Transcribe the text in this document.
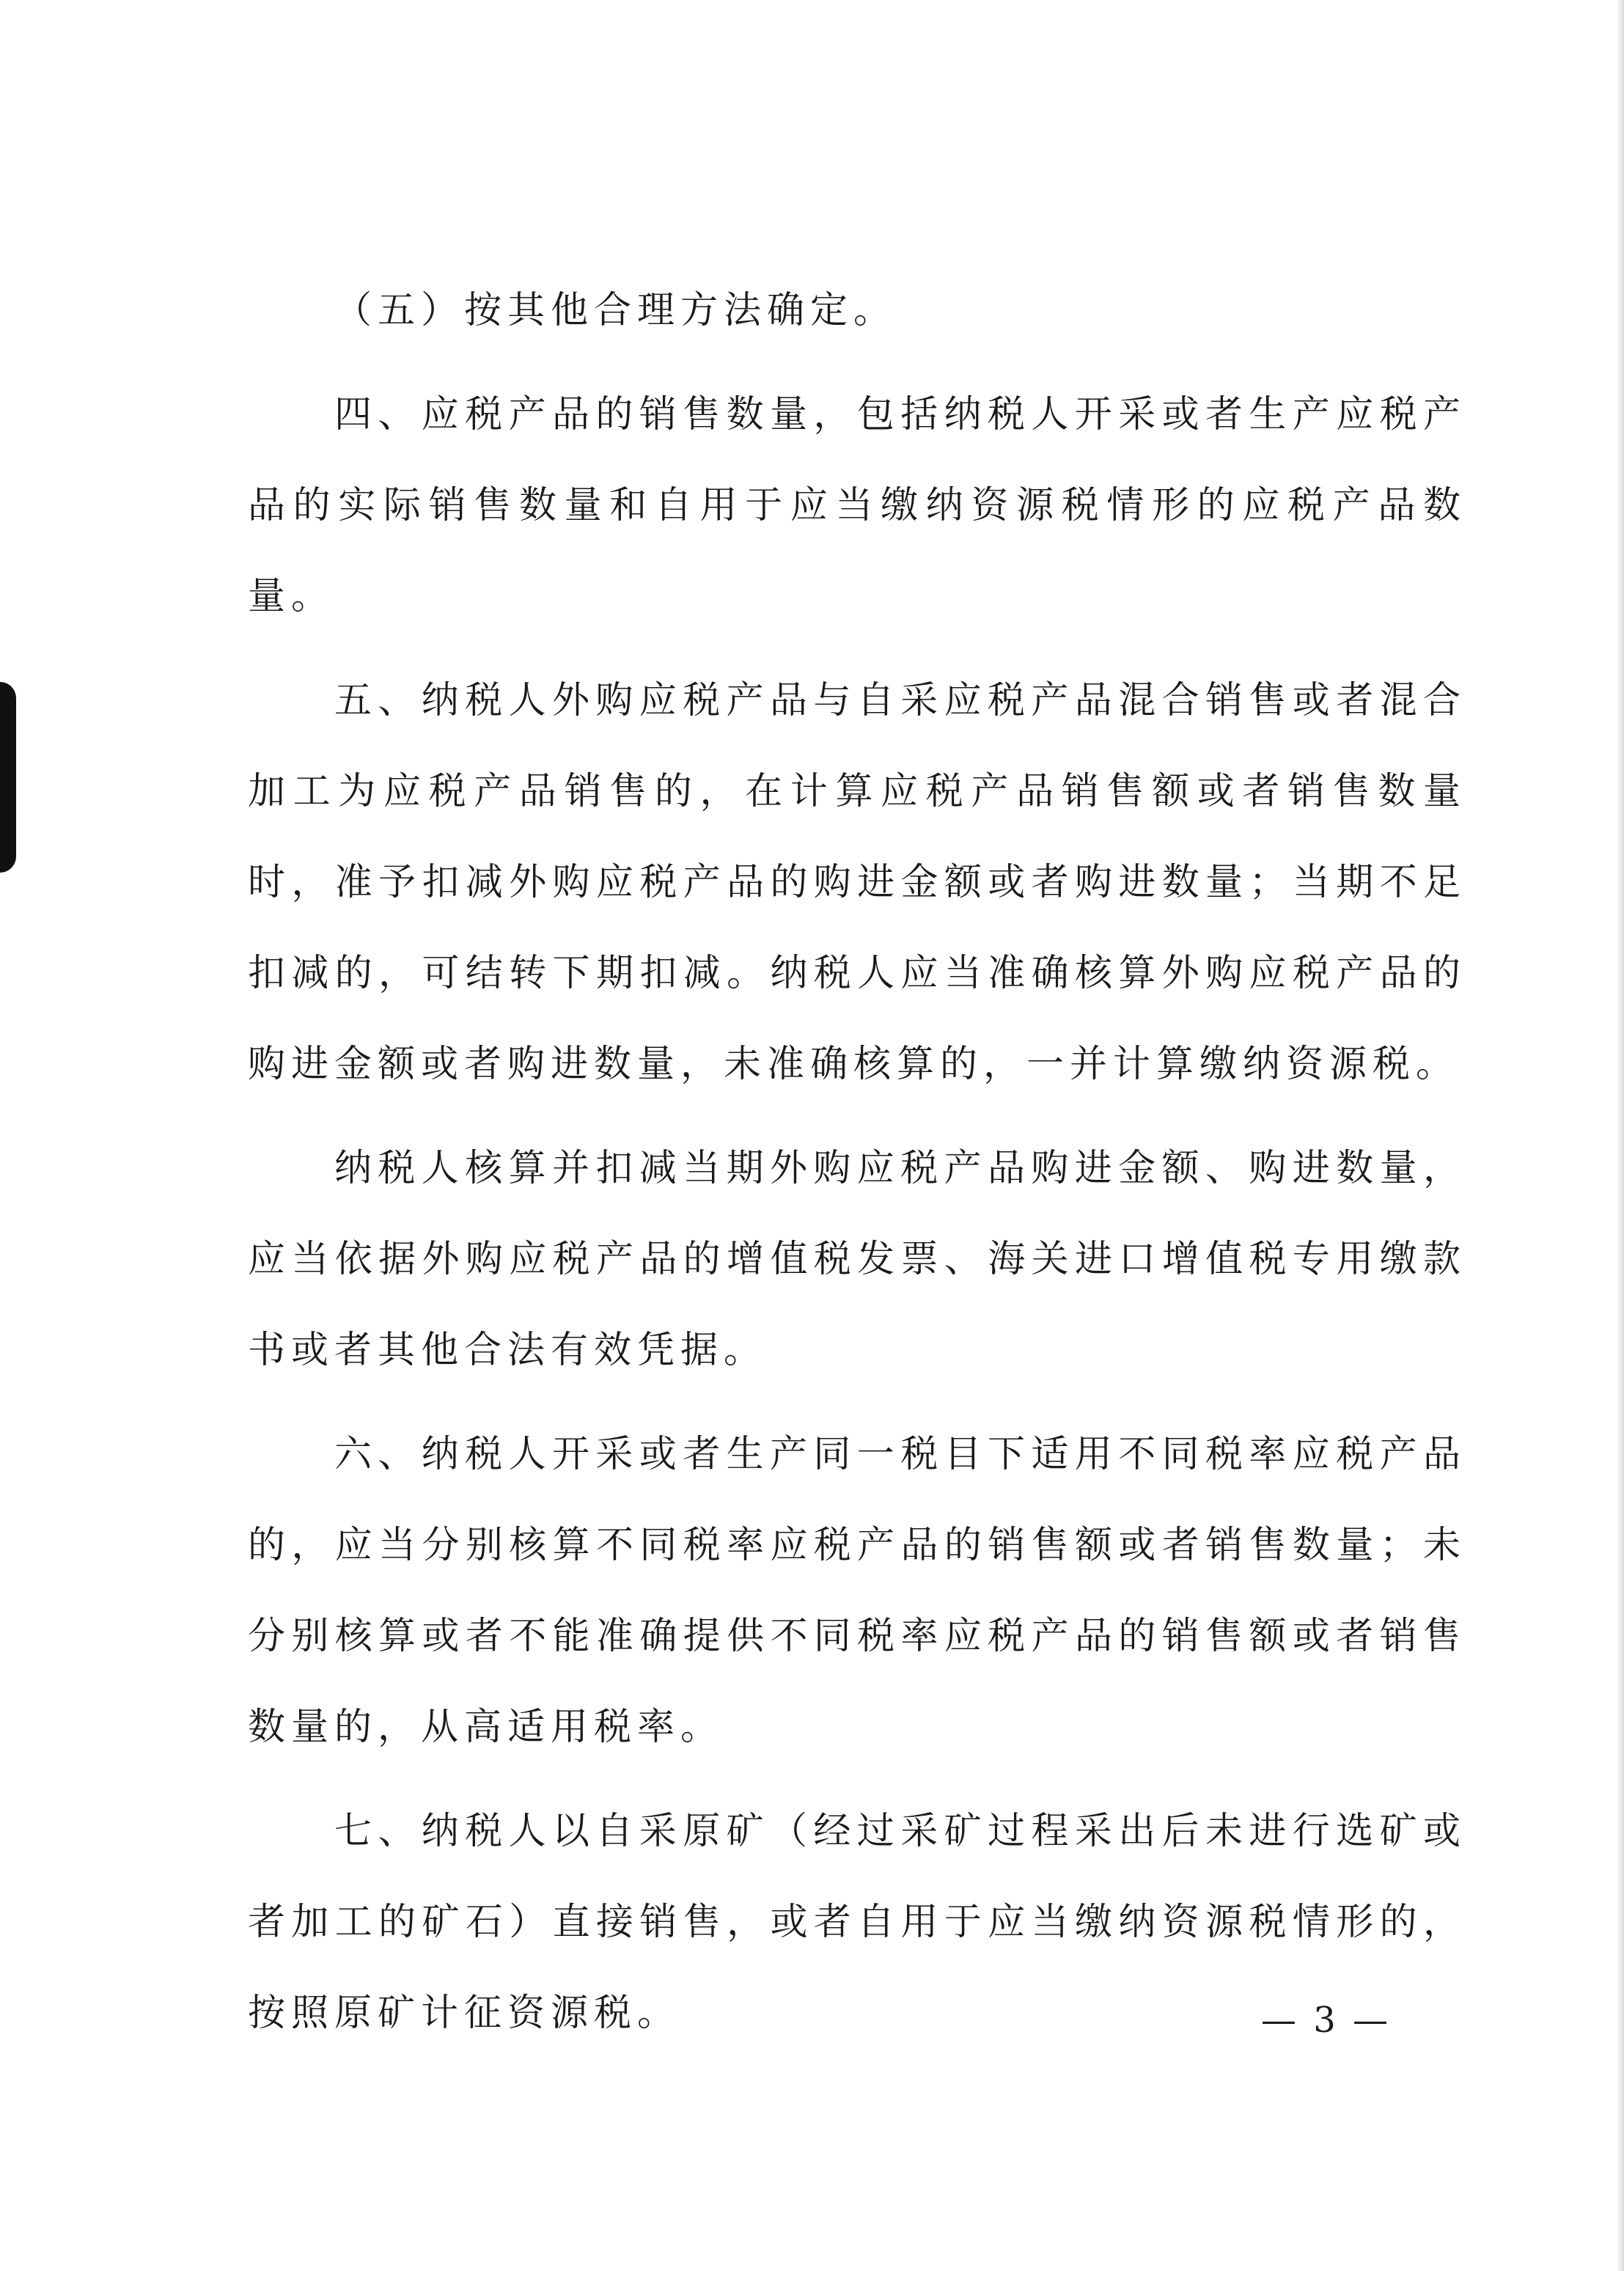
（五）按其他合理方法确定。

四、应税产品的销售数量，包括纳税人开采或者生产应税产品的实际销售数量和自用于应当缴纳资源税情形的应税产品数量。

五、纳税人外购应税产品与自采应税产品混合销售或者混合加工为应税产品销售的，在计算应税产品销售额或者销售数量时，准予扣减外购应税产品的购进金额或者购进数量；当期不足扣减的，可结转下期扣减。纳税人应当准确核算外购应税产品的购进金额或者购进数量，未准确核算的，一并计算缴纳资源税。

纳税人核算并扣减当期外购应税产品购进金额、购进数量，应当依据外购应税产品的增值税发票、海关进口增值税专用缴款书或者其他合法有效凭据。

六、纳税人开采或者生产同一税目下适用不同税率应税产品的，应当分别核算不同税率应税产品的销售额或者销售数量；未分别核算或者不能准确提供不同税率应税产品的销售额或者销售数量的，从高适用税率。

七、纳税人以自采原矿（经过采矿过程采出后未进行选矿或者加工的矿石）直接销售，或者自用于应当缴纳资源税情形的，按照原矿计征资源税。	— 3 —
